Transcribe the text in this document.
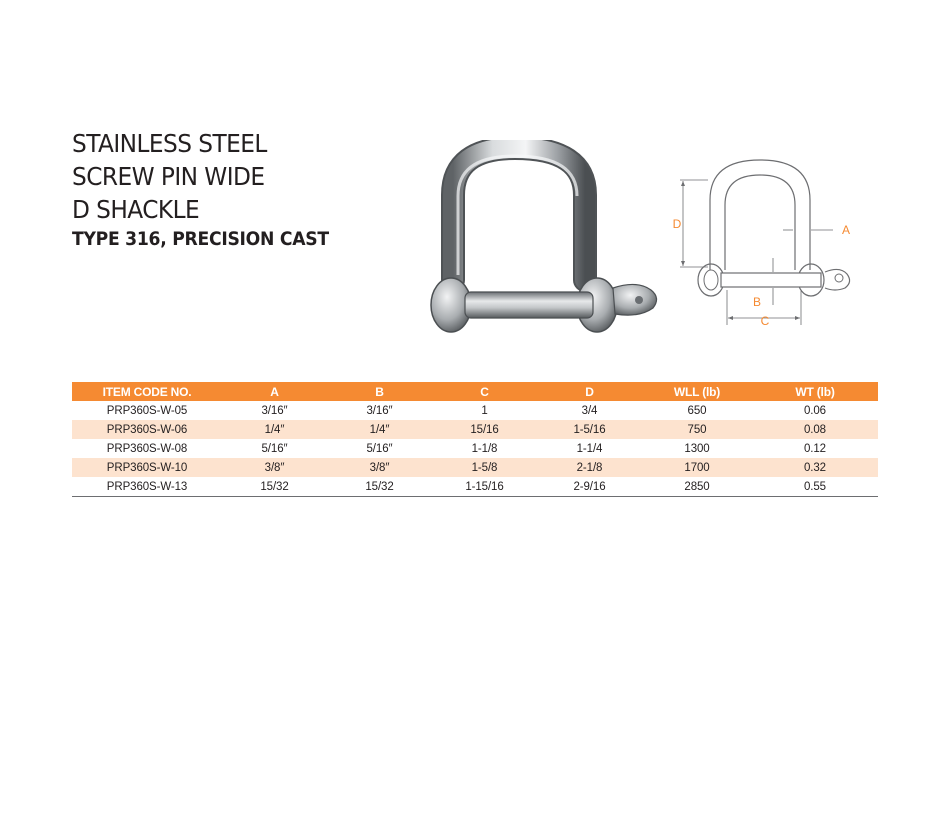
STAINLESS STEEL
SCREW PIN WIDE
D SHACKLE
TYPE 316, PRECISION CAST
D	A
B
C
ITEM CODE NO.	A	B	C	D	WLL (lb)	WT (lb)
PRP360S-W-05	3/16″	3/16″	1	3/4	650	0.06
PRP360S-W-06	1/4″	1/4″	15/16	1-5/16	750	0.08
PRP360S-W-08	5/16″	5/16″	1-1/8	1-1/4	1300	0.12
PRP360S-W-10	3/8″	3/8″	1-5/8	2-1/8	1700	0.32
PRP360S-W-13	15/32	15/32	1-15/16	2-9/16	2850	0.55
